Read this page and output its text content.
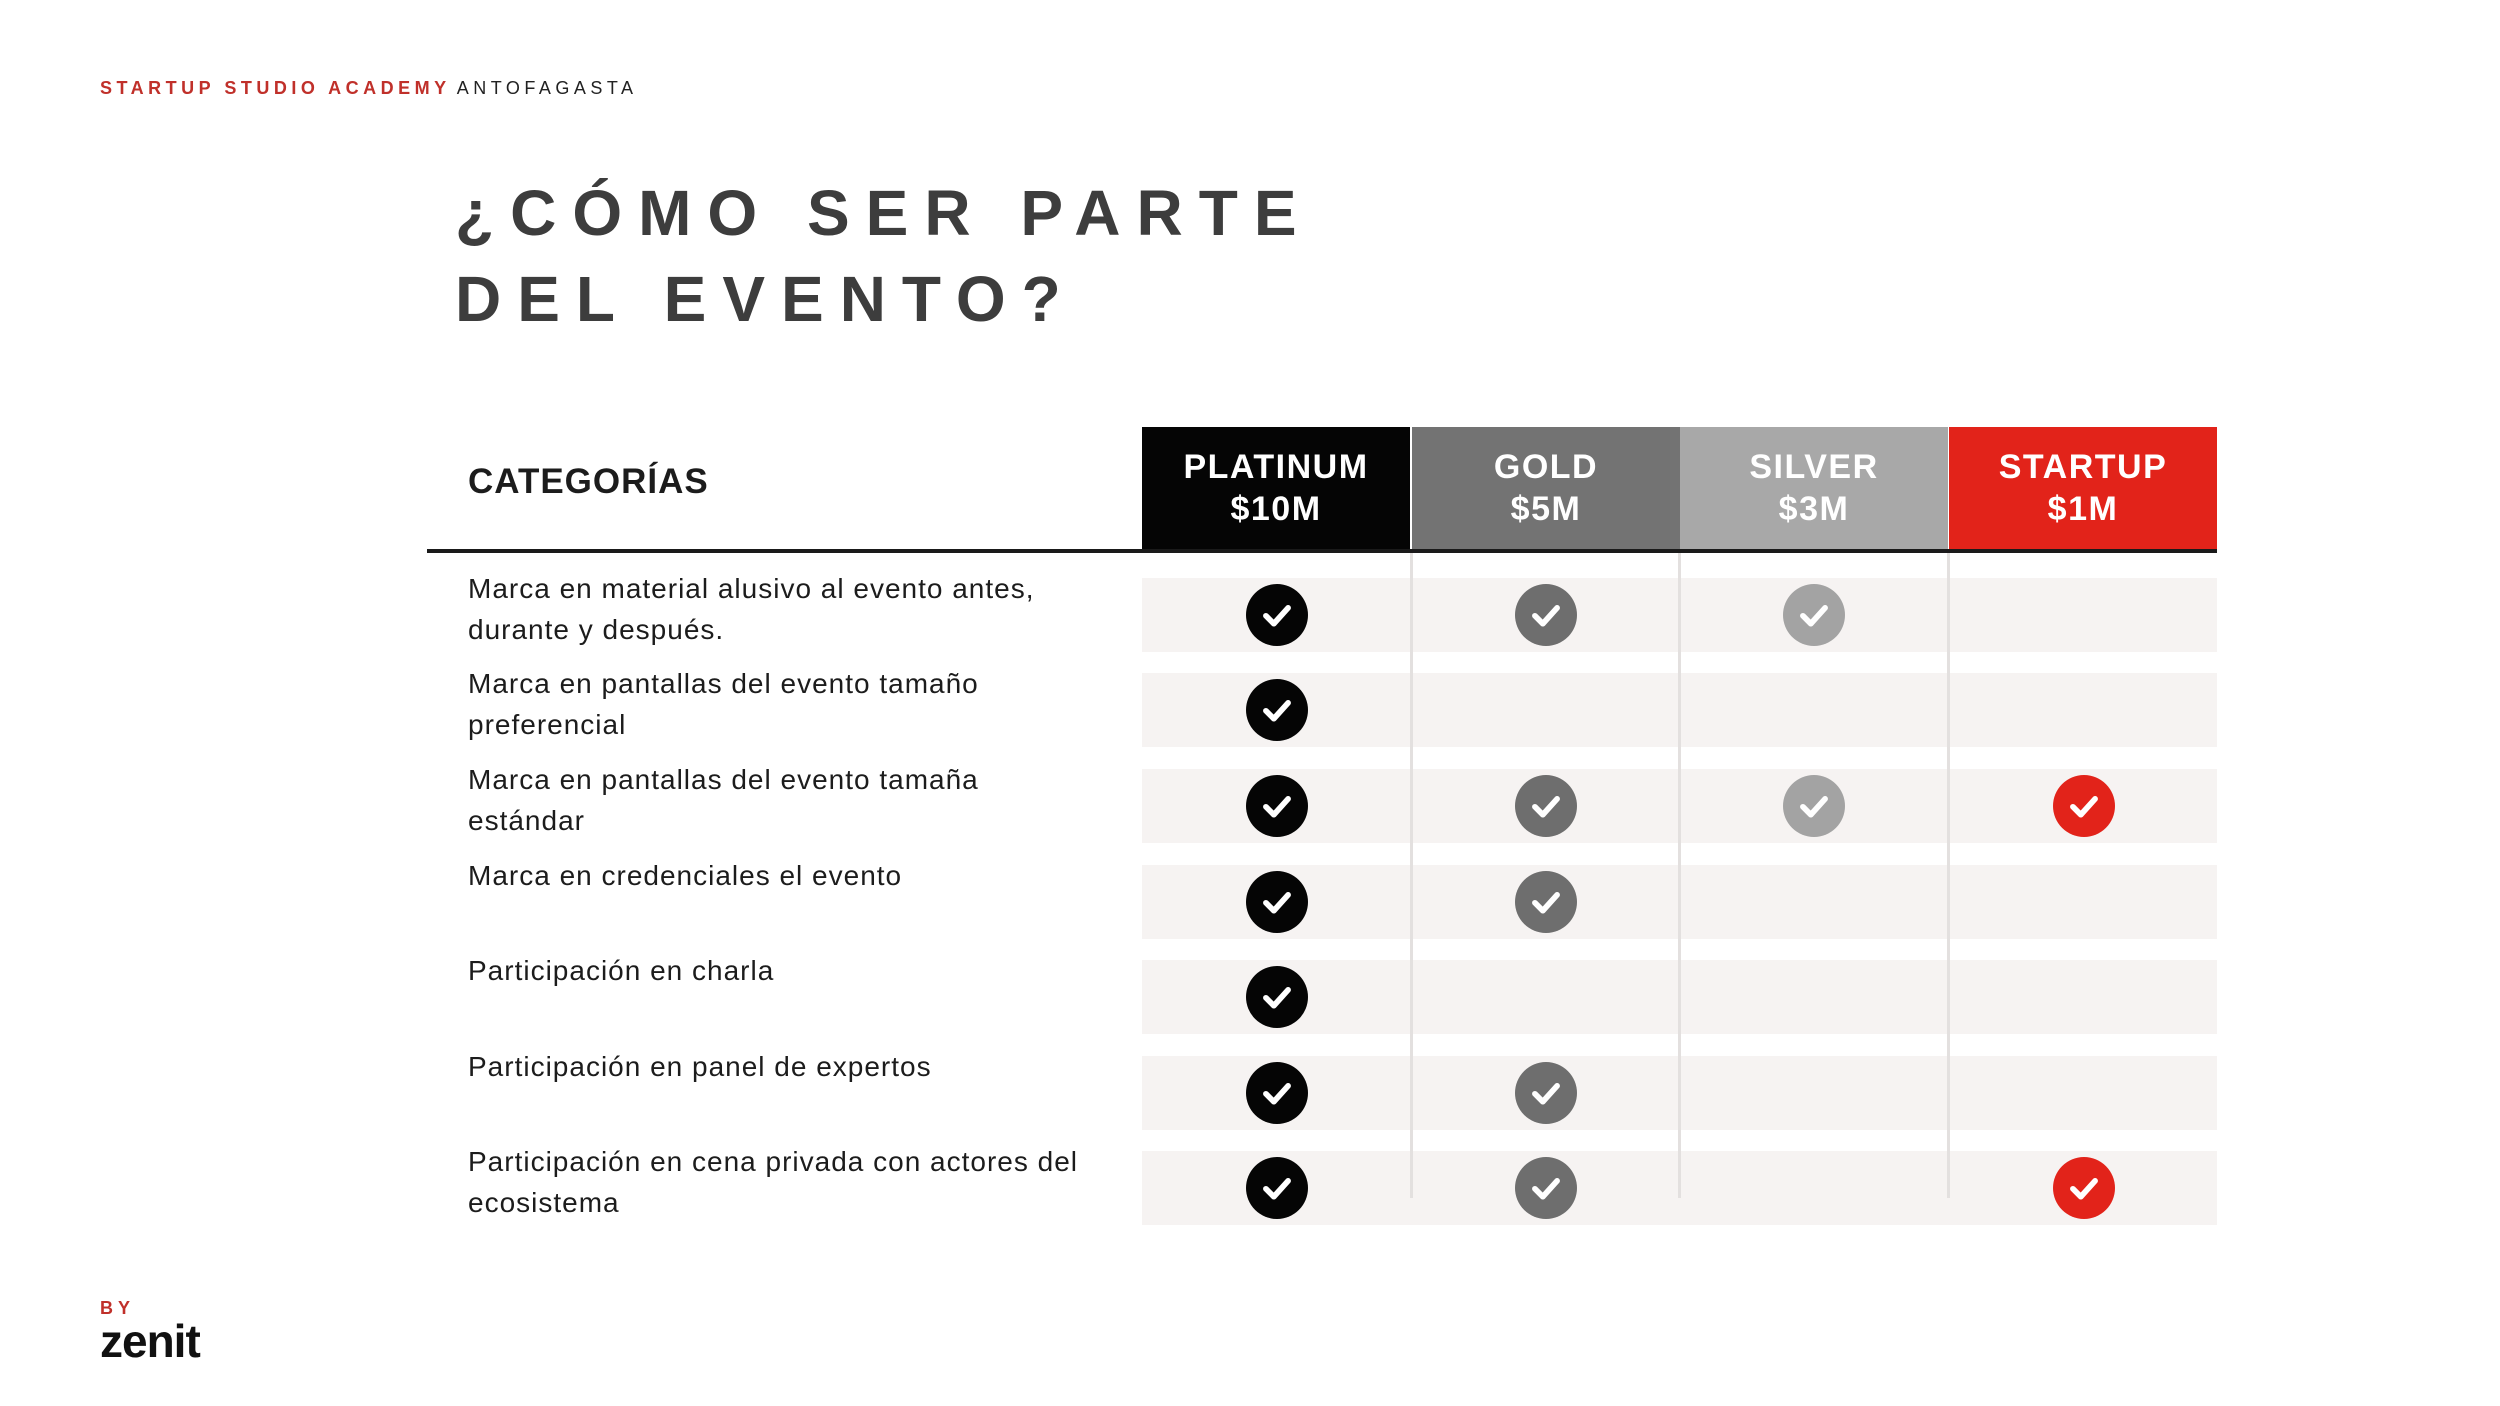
STARTUP STUDIO ACADEMY ANTOFAGASTA
¿CÓMO SER PARTE
DEL EVENTO?
CATEGORÍAS	PLATINUM
$10M
GOLD
$5M
SILVER
$3M
STARTUP
$1M
Marca en material alusivo al evento antes, durante y después.
Marca en pantallas del evento tamaño preferencial
Marca en pantallas del evento tamaña estándar
Marca en credenciales el evento
Participación en charla
Participación en panel de expertos
Participación en cena privada con actores del ecosistema
BY
zenit
